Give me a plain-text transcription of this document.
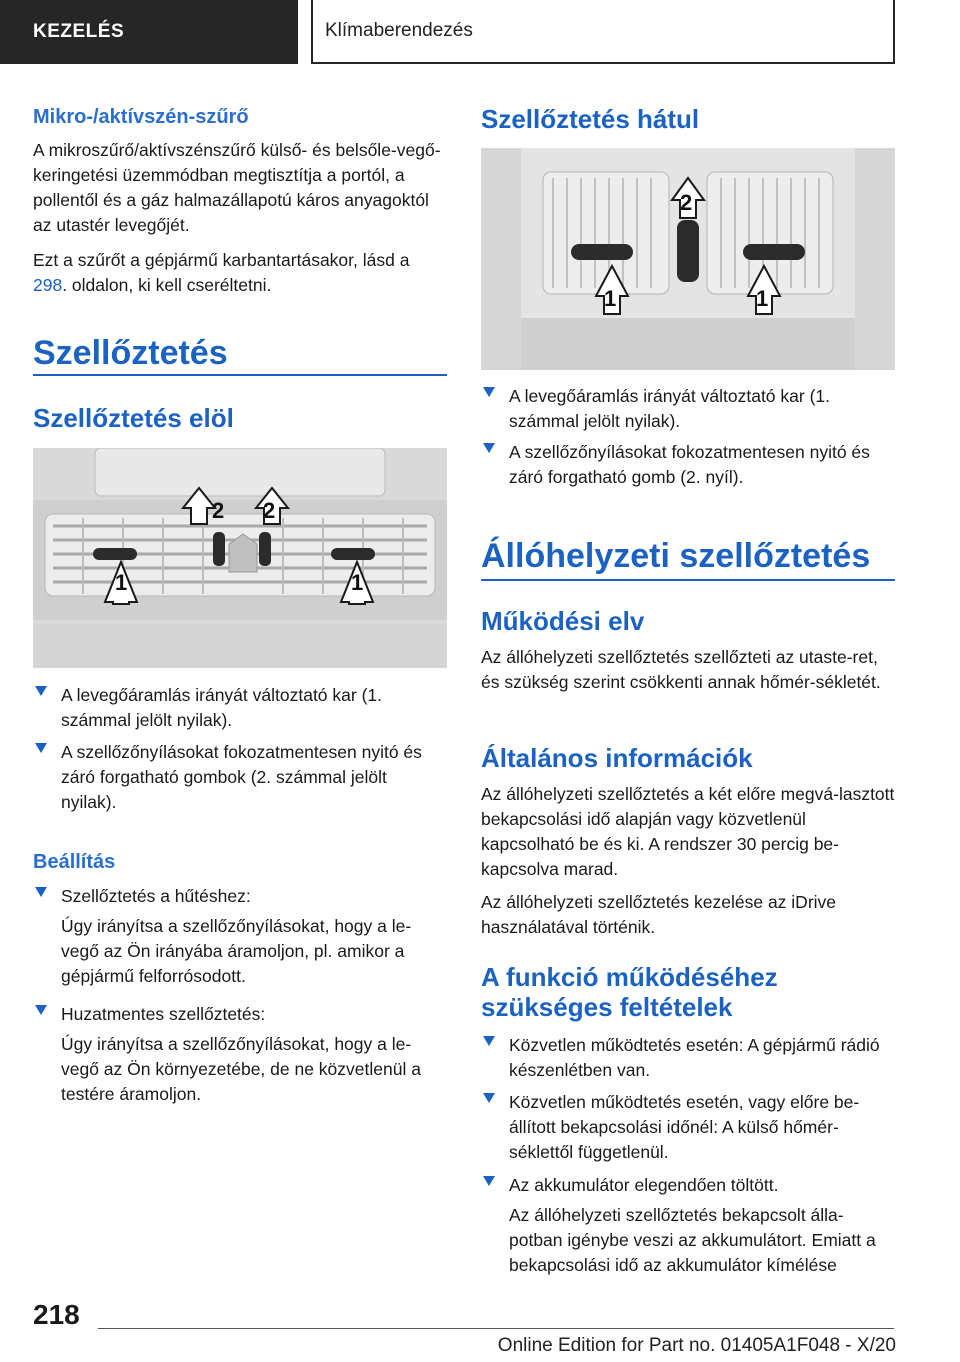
KEZELÉS	Klímaberendezés
Mikro-/aktívszén-szűrő

A mikroszűrő/aktívszénszűrő külső- és belsőle-vegő-keringetési üzemmódban megtisztítja a portól, a pollentől és a gáz halmazállapotú káros anyagoktól az utastér levegőjét.

Ezt a szűrőt a gépjármű karbantartásakor, lásd a 298. oldalon, ki kell cseréltetni.

Szellőztetés
Szellőztetés elöl
2 2
1	1
A levegőáramlás irányát változtató kar (1. számmal jelölt nyilak).
A szellőzőnyílásokat fokozatmentesen nyitó és záró forgatható gombok (2. számmal jelölt nyilak).
Beállítás
Szellőztetés a hűtéshez:

Úgy irányítsa a szellőzőnyílásokat, hogy a le-vegő az Ön irányába áramoljon, pl. amikor a gépjármű felforrósodott.

Huzatmentes szellőztetés:

Úgy irányítsa a szellőzőnyílásokat, hogy a le-vegő az Ön környezetébe, de ne közvetlenül a testére áramoljon.

Szellőztetés hátul
2
1	1
A levegőáramlás irányát változtató kar (1. számmal jelölt nyilak).
A szellőzőnyílásokat fokozatmentesen nyitó és záró forgatható gomb (2. nyíl).
Állóhelyzeti szellőztetés
Működési elv

Az állóhelyzeti szellőztetés szellőzteti az utaste-ret, és szükség szerint csökkenti annak hőmér-sékletét.

Általános információk

Az állóhelyzeti szellőztetés a két előre megvá-lasztott bekapcsolási idő alapján vagy közvetlenül kapcsolható be és ki. A rendszer 30 percig be-kapcsolva marad.

Az állóhelyzeti szellőztetés kezelése az iDrive használatával történik.

A funkció működéséhez
szükséges feltételek
Közvetlen működtetés esetén: A gépjármű rádió készenlétben van.
Közvetlen működtetés esetén, vagy előre be-állított bekapcsolási időnél: A külső hőmér-séklettől függetlenül.
Az akkumulátor elegendően töltött.

Az állóhelyzeti szellőztetés bekapcsolt álla-potban igénybe veszi az akkumulátort. Emiatt a bekapcsolási idő az akkumulátor kímélése

218
Online Edition for Part no. 01405A1F048 - X/20
